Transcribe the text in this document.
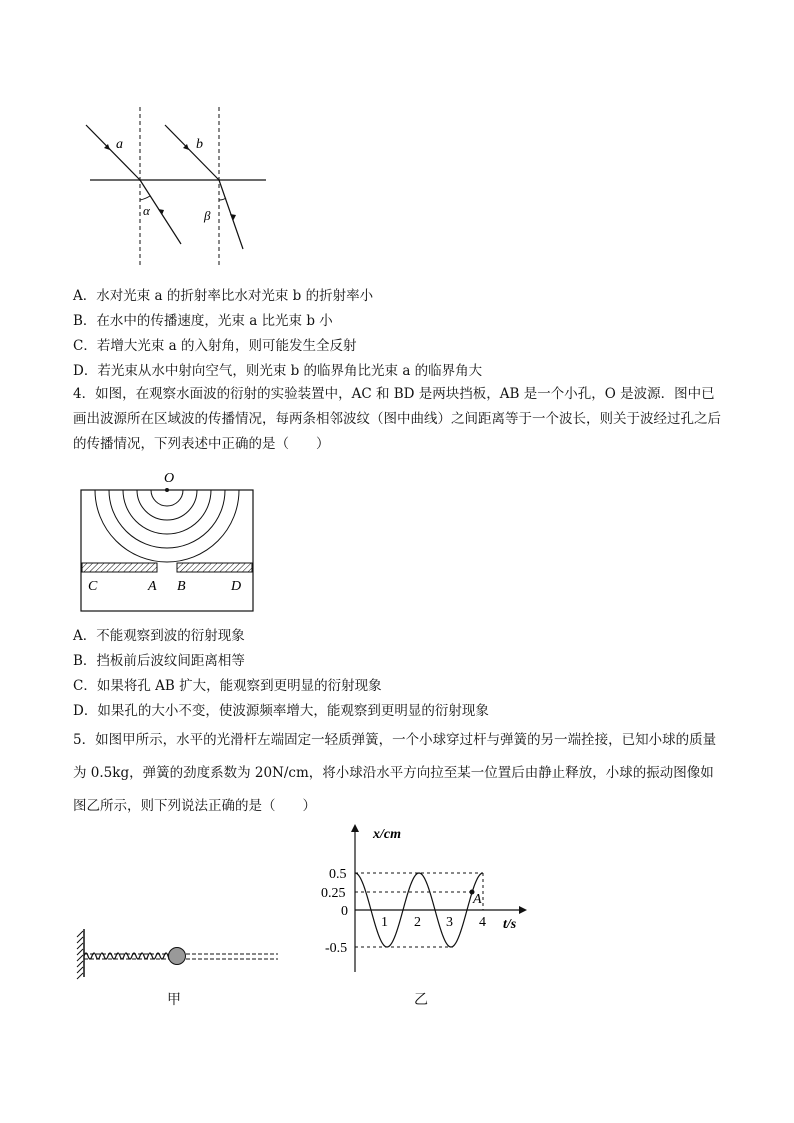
a	b
α	β
A．水对光束 a 的折射率比水对光束 b 的折射率小
B．在水中的传播速度，光束 a 比光束 b 小
C．若增大光束 a 的入射角，则可能发生全反射
D．若光束从水中射向空气，则光束 b 的临界角比光束 a 的临界角大
4．如图，在观察水面波的衍射的实验装置中，AC 和 BD 是两块挡板，AB 是一个小孔，O 是波源．图中已画出波源所在区域波的传播情况，每两条相邻波纹（图中曲线）之间距离等于一个波长，则关于波经过孔之后的传播情况，下列表述中正确的是（　　）
O
C	A B	D
A．不能观察到波的衍射现象
B．挡板前后波纹间距离相等
C．如果将孔 AB 扩大，能观察到更明显的衍射现象
D．如果孔的大小不变，使波源频率增大，能观察到更明显的衍射现象
5．如图甲所示，水平的光滑杆左端固定一轻质弹簧，一个小球穿过杆与弹簧的另一端拴接，已知小球的质量为 0.5kg，弹簧的劲度系数为 20N/cm，将小球沿水平方向拉至某一位置后由静止释放，小球的振动图像如图乙所示，则下列说法正确的是（　　）
甲
x/cm
t/s
0.5
0.25
0
-0.5
1 2 3 4
A
乙
